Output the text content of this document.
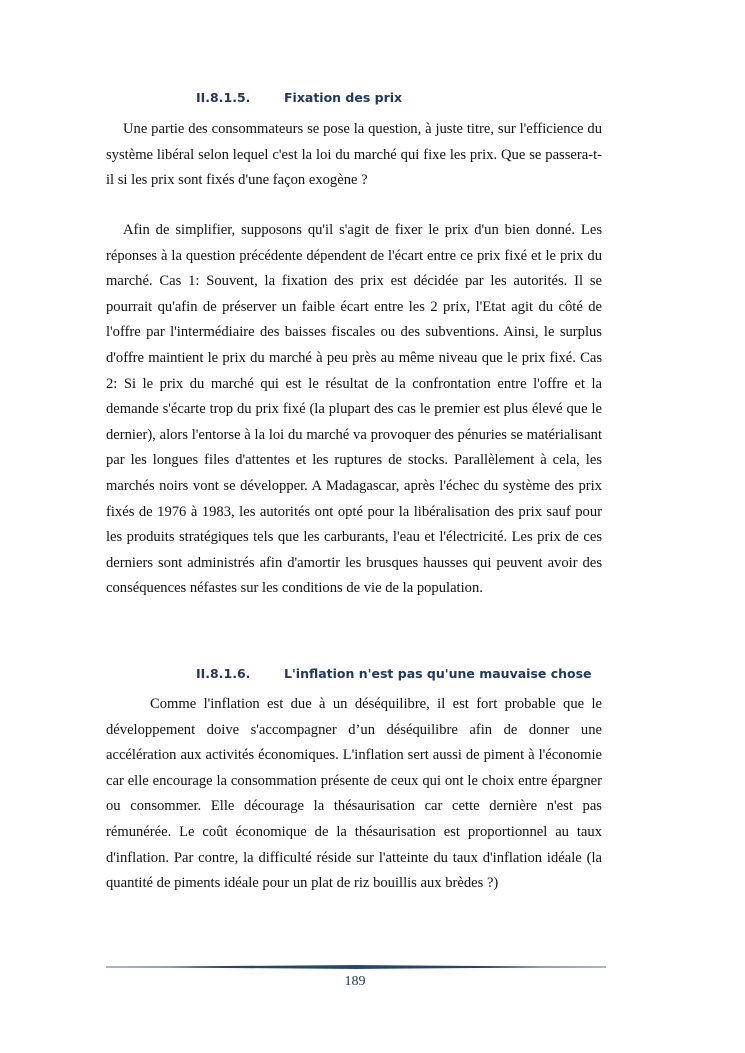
II.8.1.5.	Fixation des prix

Une partie des consommateurs se pose la question, à juste titre, sur l'efficience du système libéral selon lequel c'est la loi du marché qui fixe les prix. Que se passera-t-il si les prix sont fixés d'une façon exogène ?

Afin de simplifier, supposons qu'il s'agit de fixer le prix d'un bien donné. Les réponses à la question précédente dépendent de l'écart entre ce prix fixé et le prix du marché. Cas 1: Souvent, la fixation des prix est décidée par les autorités. Il se pourrait qu'afin de préserver un faible écart entre les 2 prix, l'Etat agit du côté de l'offre par l'intermédiaire des baisses fiscales ou des subventions. Ainsi, le surplus d'offre maintient le prix du marché à peu près au même niveau que le prix fixé. Cas 2: Si le prix du marché qui est le résultat de la confrontation entre l'offre et la demande s'écarte trop du prix fixé (la plupart des cas le premier est plus élevé que le dernier), alors l'entorse à la loi du marché va provoquer des pénuries se matérialisant par les longues files d'attentes et les ruptures de stocks. Parallèlement à cela, les marchés noirs vont se développer. A Madagascar, après l'échec du système des prix fixés de 1976 à 1983, les autorités ont opté pour la libéralisation des prix sauf pour les produits stratégiques tels que les carburants, l'eau et l'électricité. Les prix de ces derniers sont administrés afin d'amortir les brusques hausses qui peuvent avoir des conséquences néfastes sur les conditions de vie de la population.

II.8.1.6.	L'inflation n'est pas qu'une mauvaise chose

Comme l'inflation est due à un déséquilibre, il est fort probable que le développement doive s'accompagner d’un déséquilibre afin de donner une accélération aux activités économiques. L'inflation sert aussi de piment à l'économie car elle encourage la consommation présente de ceux qui ont le choix entre épargner ou consommer. Elle décourage la thésaurisation car cette dernière n'est pas rémunérée. Le coût économique de la thésaurisation est proportionnel au taux d'inflation. Par contre, la difficulté réside sur l'atteinte du taux d'inflation idéale (la quantité de piments idéale pour un plat de riz bouillis aux brèdes ?)

189
